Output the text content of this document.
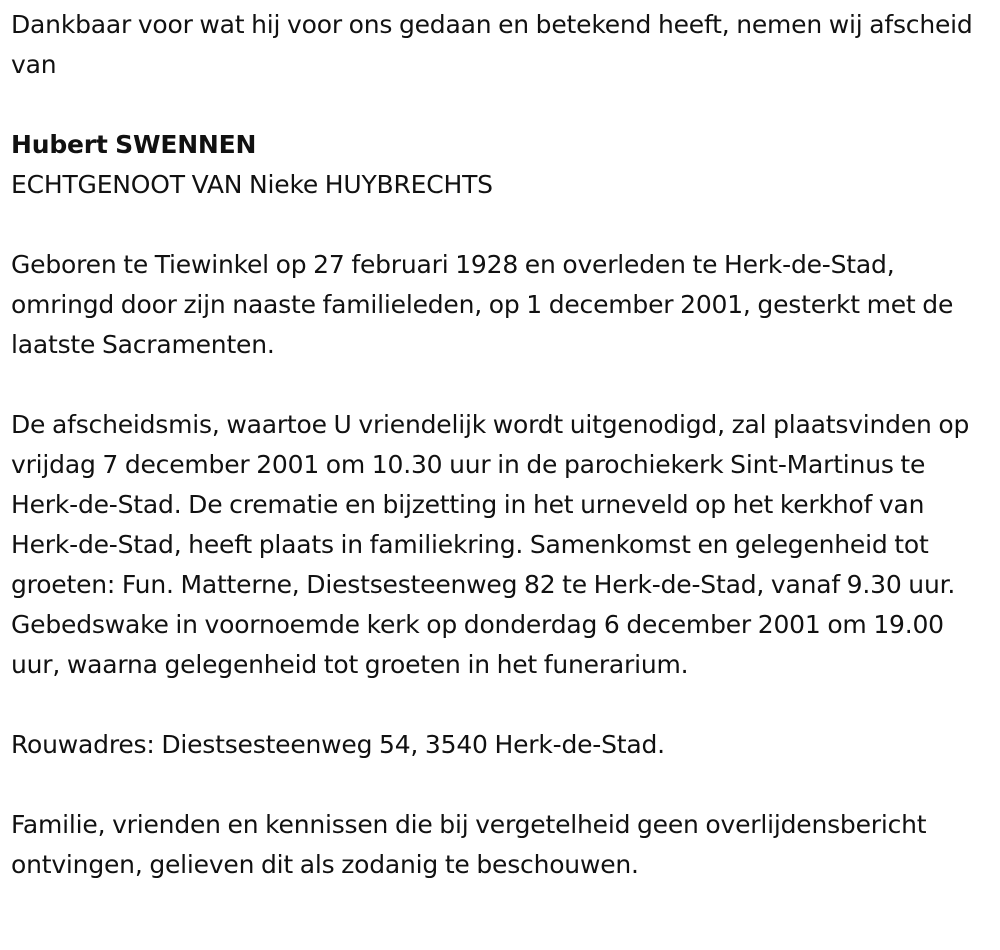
Dankbaar voor wat hij voor ons gedaan en betekend heeft, nemen wij afscheid van

Hubert SWENNEN

ECHTGENOOT VAN Nieke HUYBRECHTS

Geboren te Tiewinkel op 27 februari 1928 en overleden te Herk-de-Stad, omringd door zijn naaste familieleden, op 1 december 2001, gesterkt met de laatste Sacramenten.

De afscheidsmis, waartoe U vriendelijk wordt uitgenodigd, zal plaatsvinden op vrijdag 7 december 2001 om 10.30 uur in de parochiekerk Sint-Martinus te Herk-de-Stad. De crematie en bijzetting in het urneveld op het kerkhof van Herk-de-Stad, heeft plaats in familiekring. Samenkomst en gelegenheid tot groeten: Fun. Matterne, Diestsesteenweg 82 te Herk-de-Stad, vanaf 9.30 uur. Gebedswake in voornoemde kerk op donderdag 6 december 2001 om 19.00 uur, waarna gelegenheid tot groeten in het funerarium.

Rouwadres: Diestsesteenweg 54, 3540 Herk-de-Stad.

Familie, vrienden en kennissen die bij vergetelheid geen overlijdensbericht ontvingen, gelieven dit als zodanig te beschouwen.
